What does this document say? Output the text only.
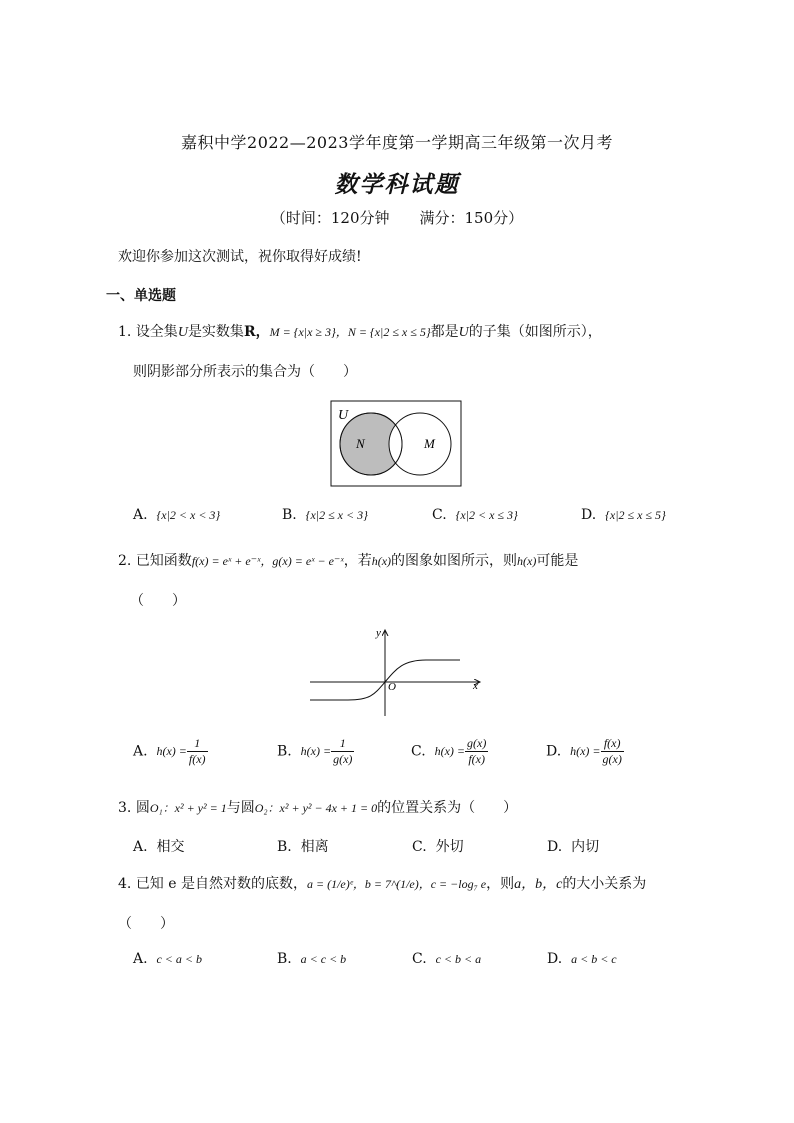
嘉积中学2022—2023学年度第一学期高三年级第一次月考
数学科试题
（时间：120分钟　　满分：150分）
欢迎你参加这次测试，祝你取得好成绩!
一、单选题
1. 设全集U是实数集R，M = {x|x ≥ 3}，N = {x|2 ≤ x ≤ 5}都是U的子集（如图所示），
则阴影部分所表示的集合为（　　）
U
N	M
A. {x|2 < x < 3}	B. {x|2 ≤ x < 3}	C. {x|2 < x ≤ 3}	D. {x|2 ≤ x ≤ 5}
2. 已知函数f(x) = eˣ + e⁻ˣ，g(x) = eˣ − e⁻ˣ，若h(x)的图象如图所示，则h(x)可能是
（　　）
y
x
O
A. $h(x) = \frac{1}{f(x)}$	B. $h(x) = \frac{1}{g(x)}$	C. $h(x) = \frac{g(x)}{f(x)}$	D. $h(x) = \frac{f(x)}{g(x)}$
3. 圆O₁：x² + y² = 1与圆O₂：x² + y² − 4x + 1 = 0的位置关系为（　　）
A. 相交	B. 相离	C. 外切	D. 内切
4. 已知 e 是自然对数的底数，a = (1/e)ᵉ，b = 7^(1/e)，c = −log₇ e，则a，b，c的大小关系为
（　　）
A. c < a < b	B. a < c < b	C. c < b < a	D. a < b < c
